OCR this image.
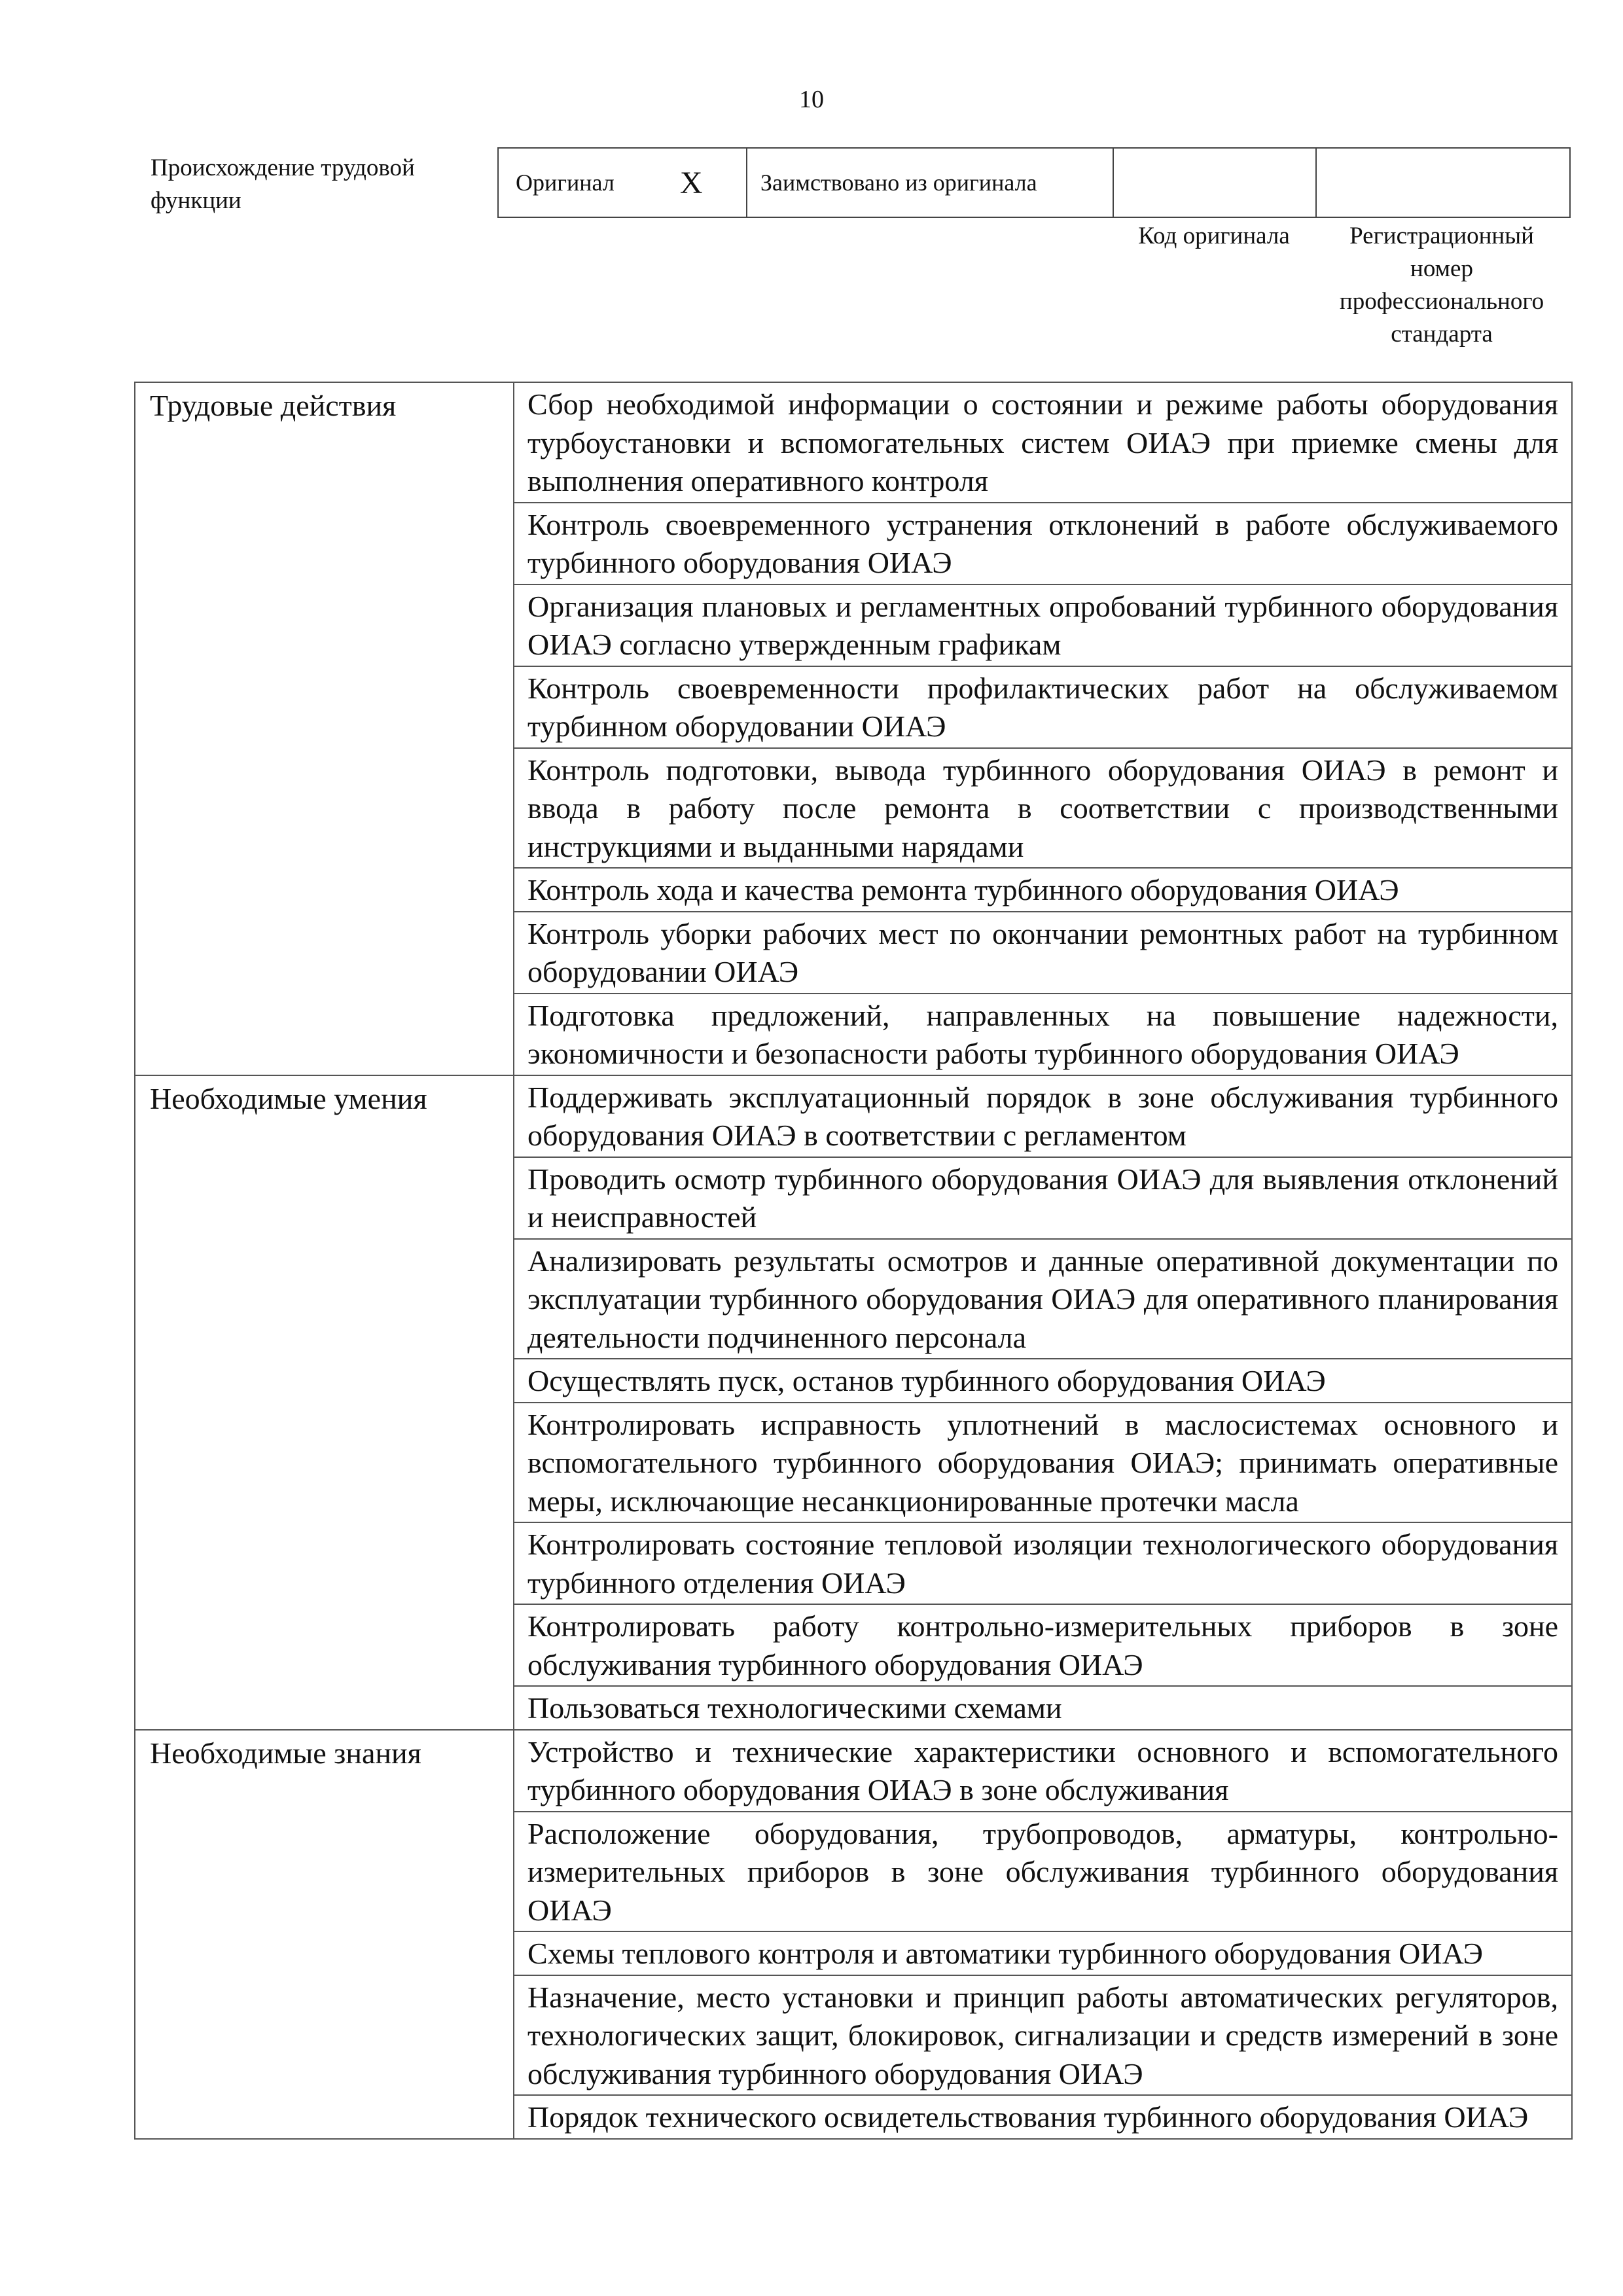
10
Происхождение трудовой функции
Оригинал X Заимствовано из оригинала
Код оригинала	Регистрационный номер профессионального стандарта
Трудовые действия	Сбор необходимой информации о состоянии и режиме работы оборудования турбоустановки и вспомогательных систем ОИАЭ при приемке смены для выполнения оперативного контроля
	Контроль своевременного устранения отклонений в работе обслуживаемого турбинного оборудования ОИАЭ
	Организация плановых и регламентных опробований турбинного оборудования ОИАЭ согласно утвержденным графикам
	Контроль своевременности профилактических работ на обслуживаемом турбинном оборудовании ОИАЭ
	Контроль подготовки, вывода турбинного оборудования ОИАЭ в ремонт и ввода в работу после ремонта в соответствии с производственными инструкциями и выданными нарядами
	Контроль хода и качества ремонта турбинного оборудования ОИАЭ
	Контроль уборки рабочих мест по окончании ремонтных работ на турбинном оборудовании ОИАЭ
	Подготовка предложений, направленных на повышение надежности, экономичности и безопасности работы турбинного оборудования ОИАЭ
Необходимые умения	Поддерживать эксплуатационный порядок в зоне обслуживания турбинного оборудования ОИАЭ в соответствии с регламентом
	Проводить осмотр турбинного оборудования ОИАЭ для выявления отклонений и неисправностей
	Анализировать результаты осмотров и данные оперативной документации по эксплуатации турбинного оборудования ОИАЭ для оперативного планирования деятельности подчиненного персонала
	Осуществлять пуск, останов турбинного оборудования ОИАЭ
	Контролировать исправность уплотнений в маслосистемах основного и вспомогательного турбинного оборудования ОИАЭ; принимать оперативные меры, исключающие несанкционированные протечки масла
	Контролировать состояние тепловой изоляции технологического оборудования турбинного отделения ОИАЭ
	Контролировать работу контрольно-измерительных приборов в зоне обслуживания турбинного оборудования ОИАЭ
	Пользоваться технологическими схемами
Необходимые знания	Устройство и технические характеристики основного и вспомогательного турбинного оборудования ОИАЭ в зоне обслуживания
	Расположение оборудования, трубопроводов, арматуры, контрольно-измерительных приборов в зоне обслуживания турбинного оборудования ОИАЭ
	Схемы теплового контроля и автоматики турбинного оборудования ОИАЭ
	Назначение, место установки и принцип работы автоматических регуляторов, технологических защит, блокировок, сигнализации и средств измерений в зоне обслуживания турбинного оборудования ОИАЭ
	Порядок технического освидетельствования турбинного оборудования ОИАЭ
